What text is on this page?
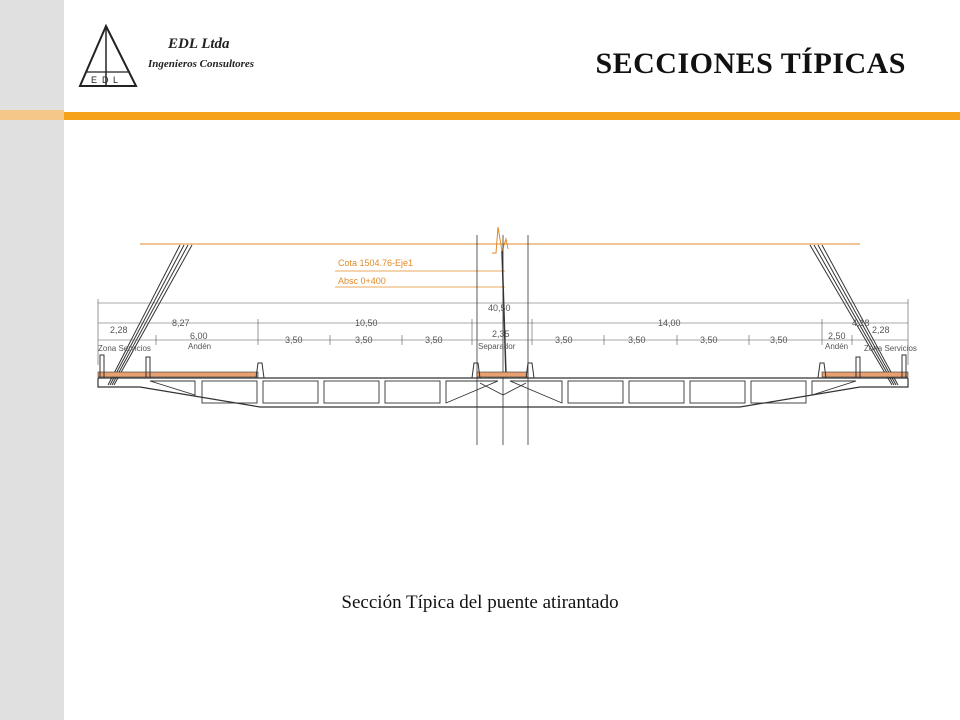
E D L
EDL Ltda
Ingenieros Consultores	SECCIONES TÍPICAS
Cota 1504.76-Eje1
Absc 0+400
40,50
8,27	10,50	14,00	4,18
3,50	3,50	3,50	3,50	3,50	3,50	3,50
2,28
Zona Servicios
6,00
Andén
2,35
Separador
2,50
Andén
2,28
Zona Servicios
Sección Típica del puente atirantado
